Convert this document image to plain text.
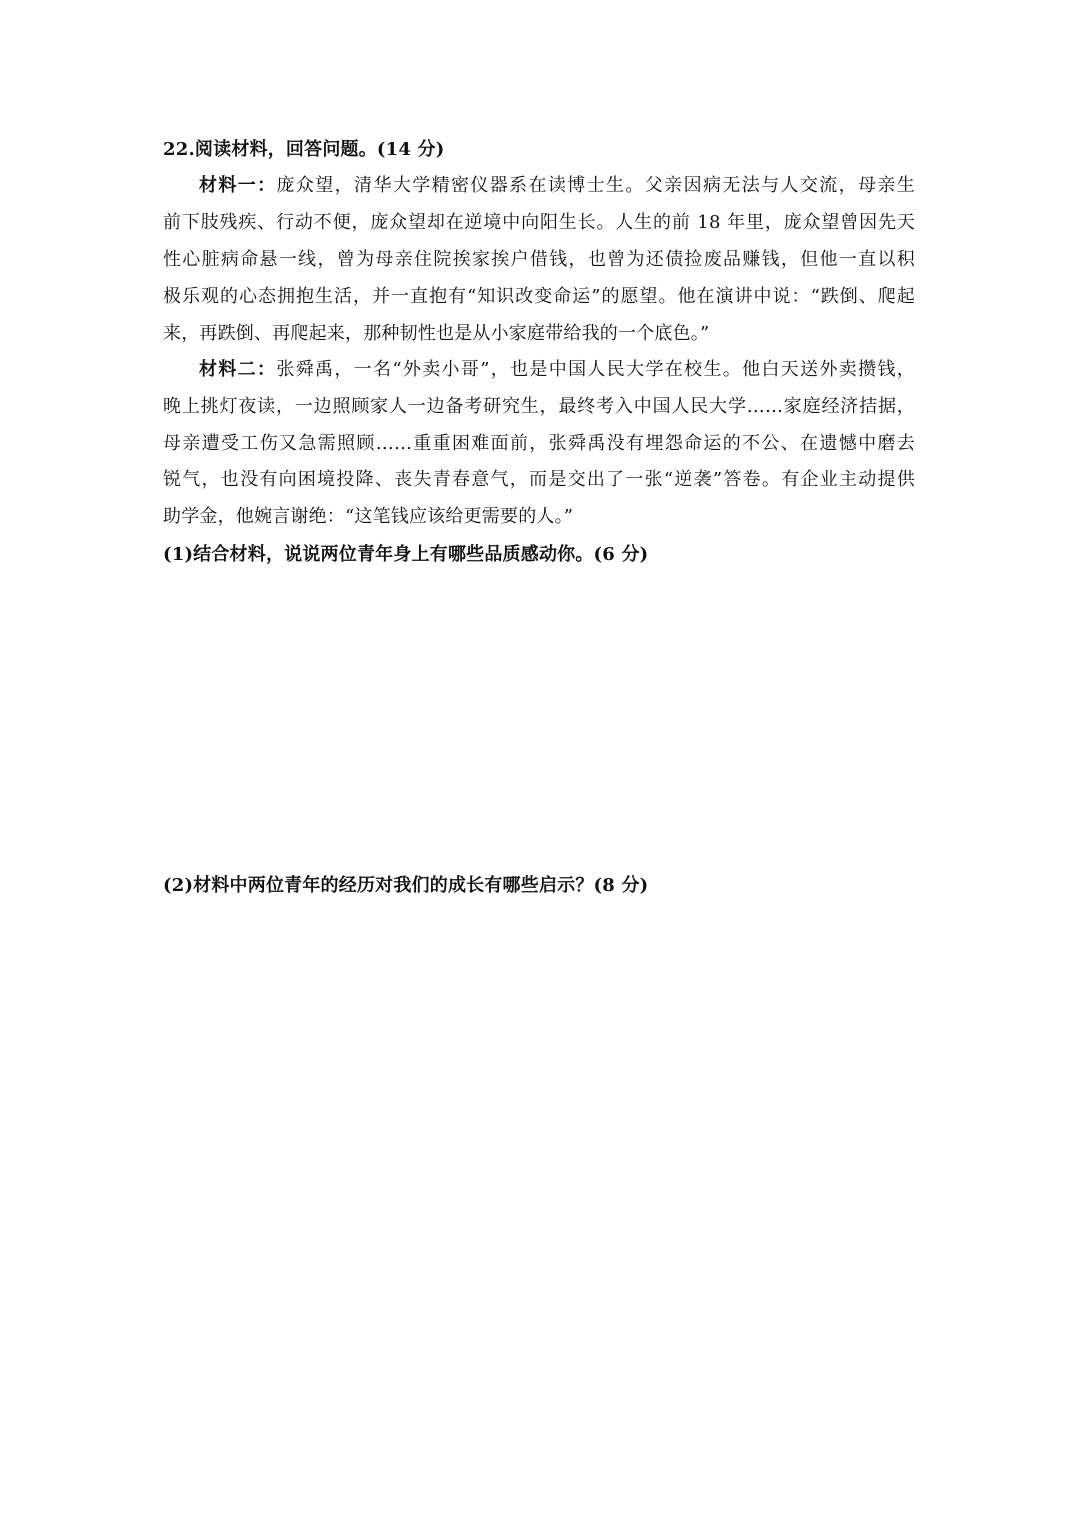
22.阅读材料，回答问题。(14 分)
材料一：庞众望，清华大学精密仪器系在读博士生。父亲因病无法与人交流，母亲生
前下肢残疾、行动不便，庞众望却在逆境中向阳生长。人生的前 18 年里，庞众望曾因先天
性心脏病命悬一线，曾为母亲住院挨家挨户借钱，也曾为还债捡废品赚钱，但他一直以积
极乐观的心态拥抱生活，并一直抱有“知识改变命运”的愿望。他在演讲中说：“跌倒、爬起
来，再跌倒、再爬起来，那种韧性也是从小家庭带给我的一个底色。”
材料二：张舜禹，一名“外卖小哥”，也是中国人民大学在校生。他白天送外卖攒钱，
晚上挑灯夜读，一边照顾家人一边备考研究生，最终考入中国人民大学……家庭经济拮据，
母亲遭受工伤又急需照顾……重重困难面前，张舜禹没有埋怨命运的不公、在遗憾中磨去
锐气，也没有向困境投降、丧失青春意气，而是交出了一张“逆袭”答卷。有企业主动提供
助学金，他婉言谢绝：“这笔钱应该给更需要的人。”
(1)结合材料，说说两位青年身上有哪些品质感动你。(6 分)
(2)材料中两位青年的经历对我们的成长有哪些启示？(8 分)
